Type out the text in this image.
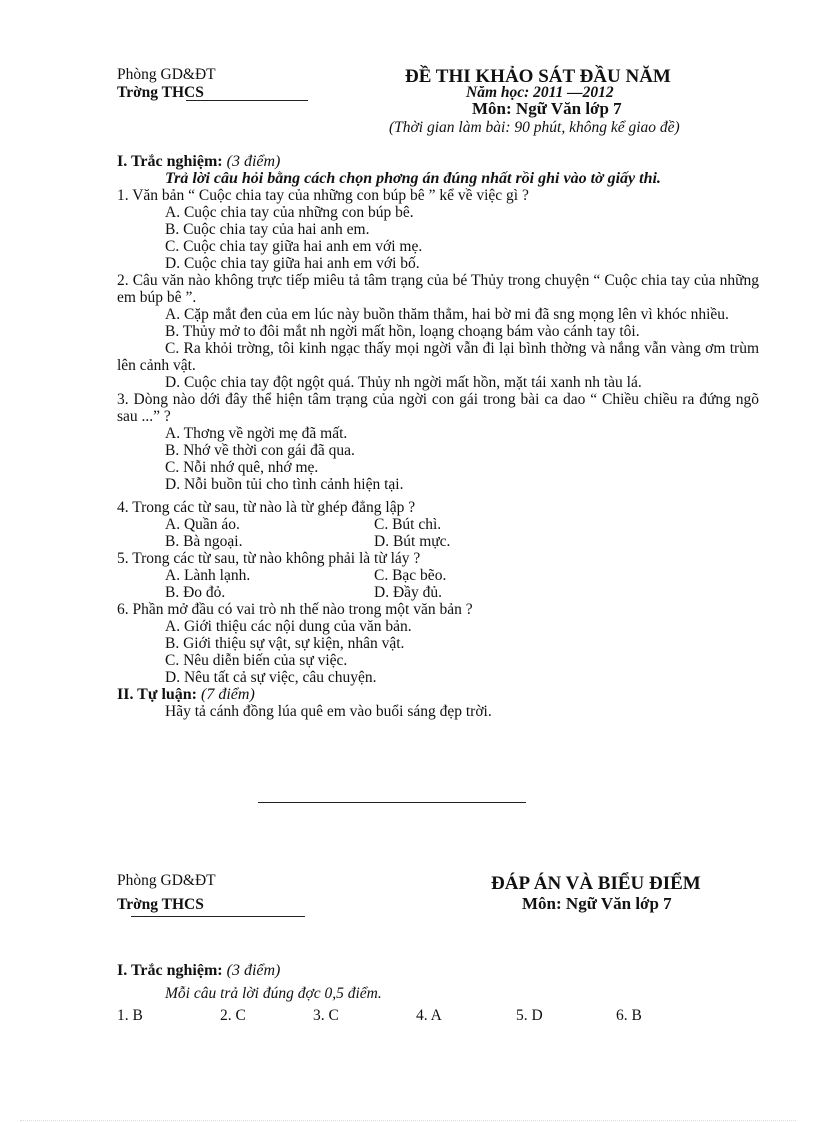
Phòng GD&ĐT
Trờng THCS
ĐỀ THI KHẢO SÁT ĐẦU NĂM
Năm học: 2011 —2012
Môn: Ngữ Văn lớp 7
(Thời gian làm bài: 90 phút, không kể giao đề)
I. Trắc nghiệm: (3 điểm)
Trả lời câu hỏi bằng cách chọn phơng án đúng nhất rồi ghi vào tờ giấy thi.

1. Văn bản “ Cuộc chia tay của những con búp bê ” kể về việc gì ?

A. Cuộc chia tay của những con búp bê.

B. Cuộc chia tay của hai anh em.

C. Cuộc chia tay giữa hai anh em với mẹ.

D. Cuộc chia tay giữa hai anh em với bố.

2. Câu văn nào không trực tiếp miêu tả tâm trạng của bé Thủy trong chuyện “ Cuộc chia tay của những em búp bê ”.

A. Cặp mắt đen của em lúc này buồn thăm thẳm, hai bờ mi đã sng mọng lên vì khóc nhiều.

B. Thủy mở to đôi mắt nh ngời mất hồn, loạng choạng bám vào cánh tay tôi.

C. Ra khỏi trờng, tôi kinh ngạc thấy mọi ngời vẫn đi lại bình thờng và nắng vẫn vàng ơm trùm lên cảnh vật.

D. Cuộc chia tay đột ngột quá. Thủy nh ngời mất hồn, mặt tái xanh nh tàu lá.

3. Dòng nào dới đây thể hiện tâm trạng của ngời con gái trong bài ca dao “ Chiều chiều ra đứng ngõ sau ...” ?

A. Thơng về ngời mẹ đã mất.

B. Nhớ về thời con gái đã qua.

C. Nỗi nhớ quê, nhớ mẹ.

D. Nỗi buồn tủi cho tình cảnh hiện tại.

4. Trong các từ sau, từ nào là từ ghép đẳng lập ?

A. Quần áo.	C. Bút chì.
B. Bà ngoại.	D. Bút mực.

5. Trong các từ sau, từ nào không phải là từ láy ?

A. Lành lạnh.	C. Bạc bẽo.
B. Đo đỏ.	D. Đầy đủ.

6. Phần mở đầu có vai trò nh thế nào trong một văn bản ?

A. Giới thiệu các nội dung của văn bản.

B. Giới thiệu sự vật, sự kiện, nhân vật.

C. Nêu diễn biến của sự việc.

D. Nêu tất cả sự việc, câu chuyện.

II. Tự luận: (7 điểm)

Hãy tả cánh đồng lúa quê em vào buổi sáng đẹp trời.

Phòng GD&ĐT
Trờng THCS
ĐÁP ÁN VÀ BIỂU ĐIỂM
Môn: Ngữ Văn lớp 7
I. Trắc nghiệm: (3 điểm)
Mỗi câu trả lời đúng đợc 0,5 điểm.
1. B	2. C	3. C	4. A	5. D	6. B
